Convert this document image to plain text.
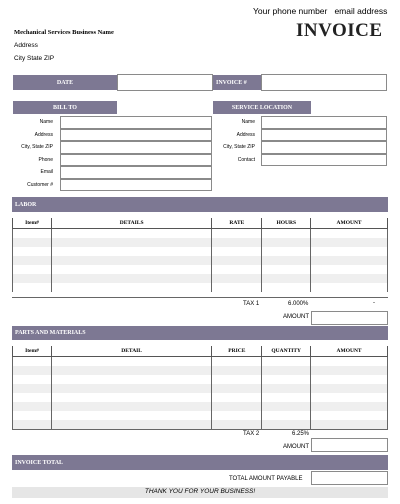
Your phone number   email address
Mechanical Services Business Name
Address
City State ZIP
INVOICE
DATE	INVOICE #
BILL TO
Name
Address
City, State ZIP
Phone
Email
Customer #
SERVICE LOCATION
Name
Address
City, State ZIP
Contact
LABOR
Item#	DETAILS	RATE	HOURS	AMOUNT

TAX 1	6.000%	-
AMOUNT
PARTS AND MATERIALS
Item#	DETAIL	PRICE	QUANTITY	AMOUNT

TAX 2	6.25%
AMOUNT
INVOICE TOTAL
TOTAL AMOUNT PAYABLE
THANK YOU FOR YOUR BUSINESS!
